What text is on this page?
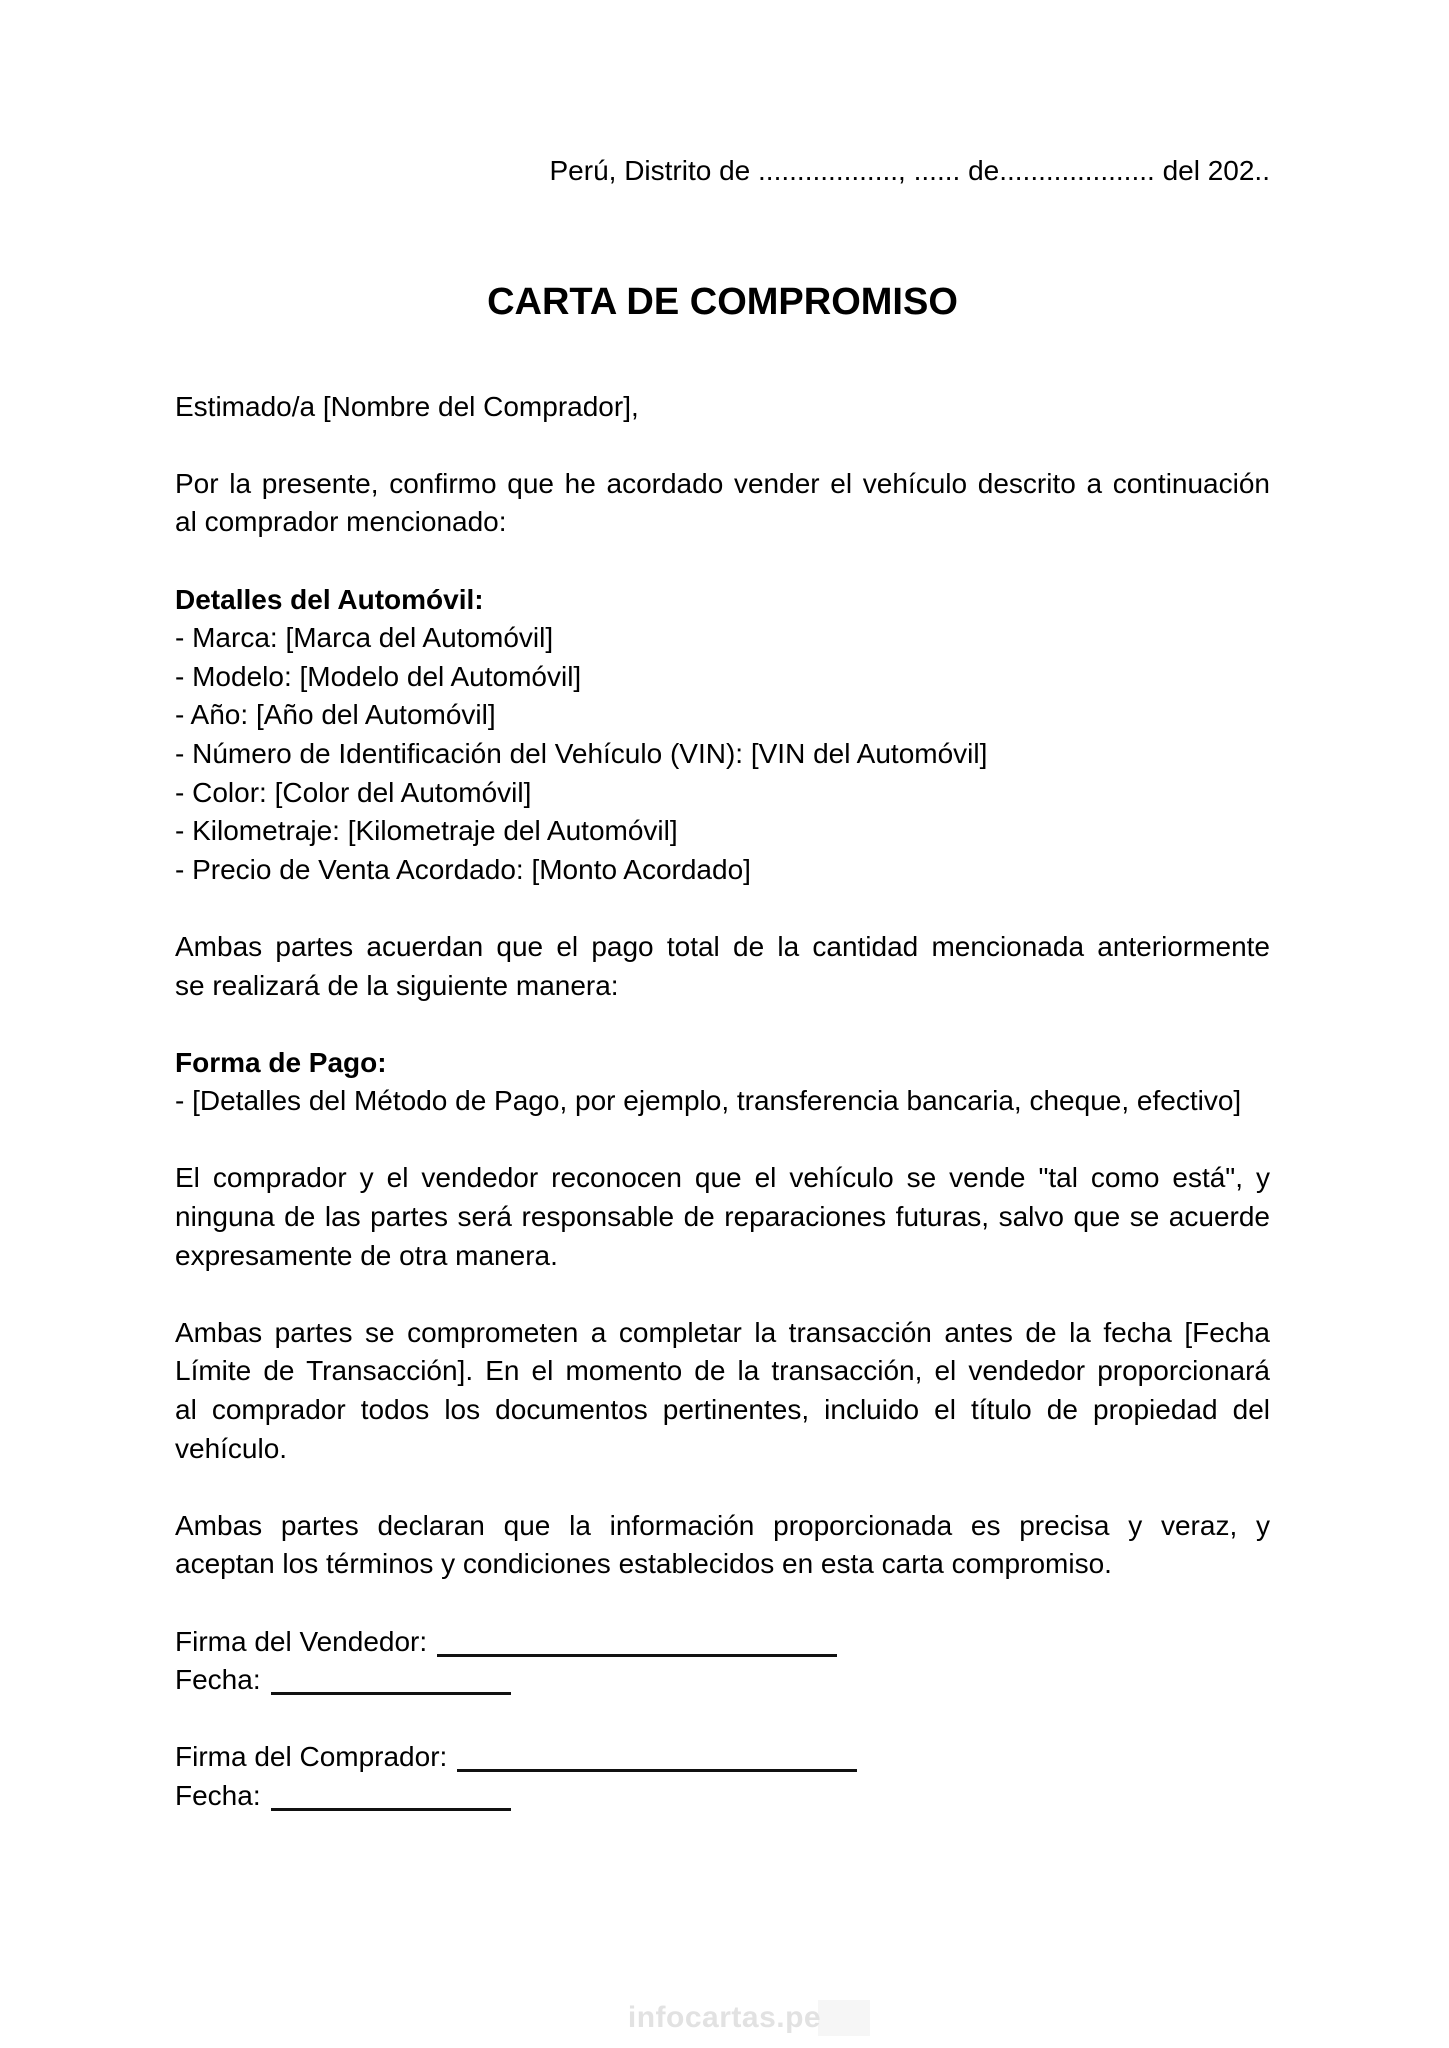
Perú, Distrito de .................., ...... de.................... del 202..
CARTA DE COMPROMISO
Estimado/a [Nombre del Comprador],
Por la presente, confirmo que he acordado vender el vehículo descrito a continuación
al comprador mencionado:
Detalles del Automóvil:
- Marca: [Marca del Automóvil]
- Modelo: [Modelo del Automóvil]
- Año: [Año del Automóvil]
- Número de Identificación del Vehículo (VIN): [VIN del Automóvil]
- Color: [Color del Automóvil]
- Kilometraje: [Kilometraje del Automóvil]
- Precio de Venta Acordado: [Monto Acordado]
Ambas partes acuerdan que el pago total de la cantidad mencionada anteriormente
se realizará de la siguiente manera:
Forma de Pago:
- [Detalles del Método de Pago, por ejemplo, transferencia bancaria, cheque, efectivo]
El comprador y el vendedor reconocen que el vehículo se vende "tal como está", y
ninguna de las partes será responsable de reparaciones futuras, salvo que se acuerde
expresamente de otra manera.
Ambas partes se comprometen a completar la transacción antes de la fecha [Fecha
Límite de Transacción]. En el momento de la transacción, el vendedor proporcionará
al comprador todos los documentos pertinentes, incluido el título de propiedad del
vehículo.
Ambas partes declaran que la información proporcionada es precisa y veraz, y
aceptan los términos y condiciones establecidos en esta carta compromiso.
Firma del Vendedor:
Fecha:
Firma del Comprador:
Fecha:
infocartas.pe
